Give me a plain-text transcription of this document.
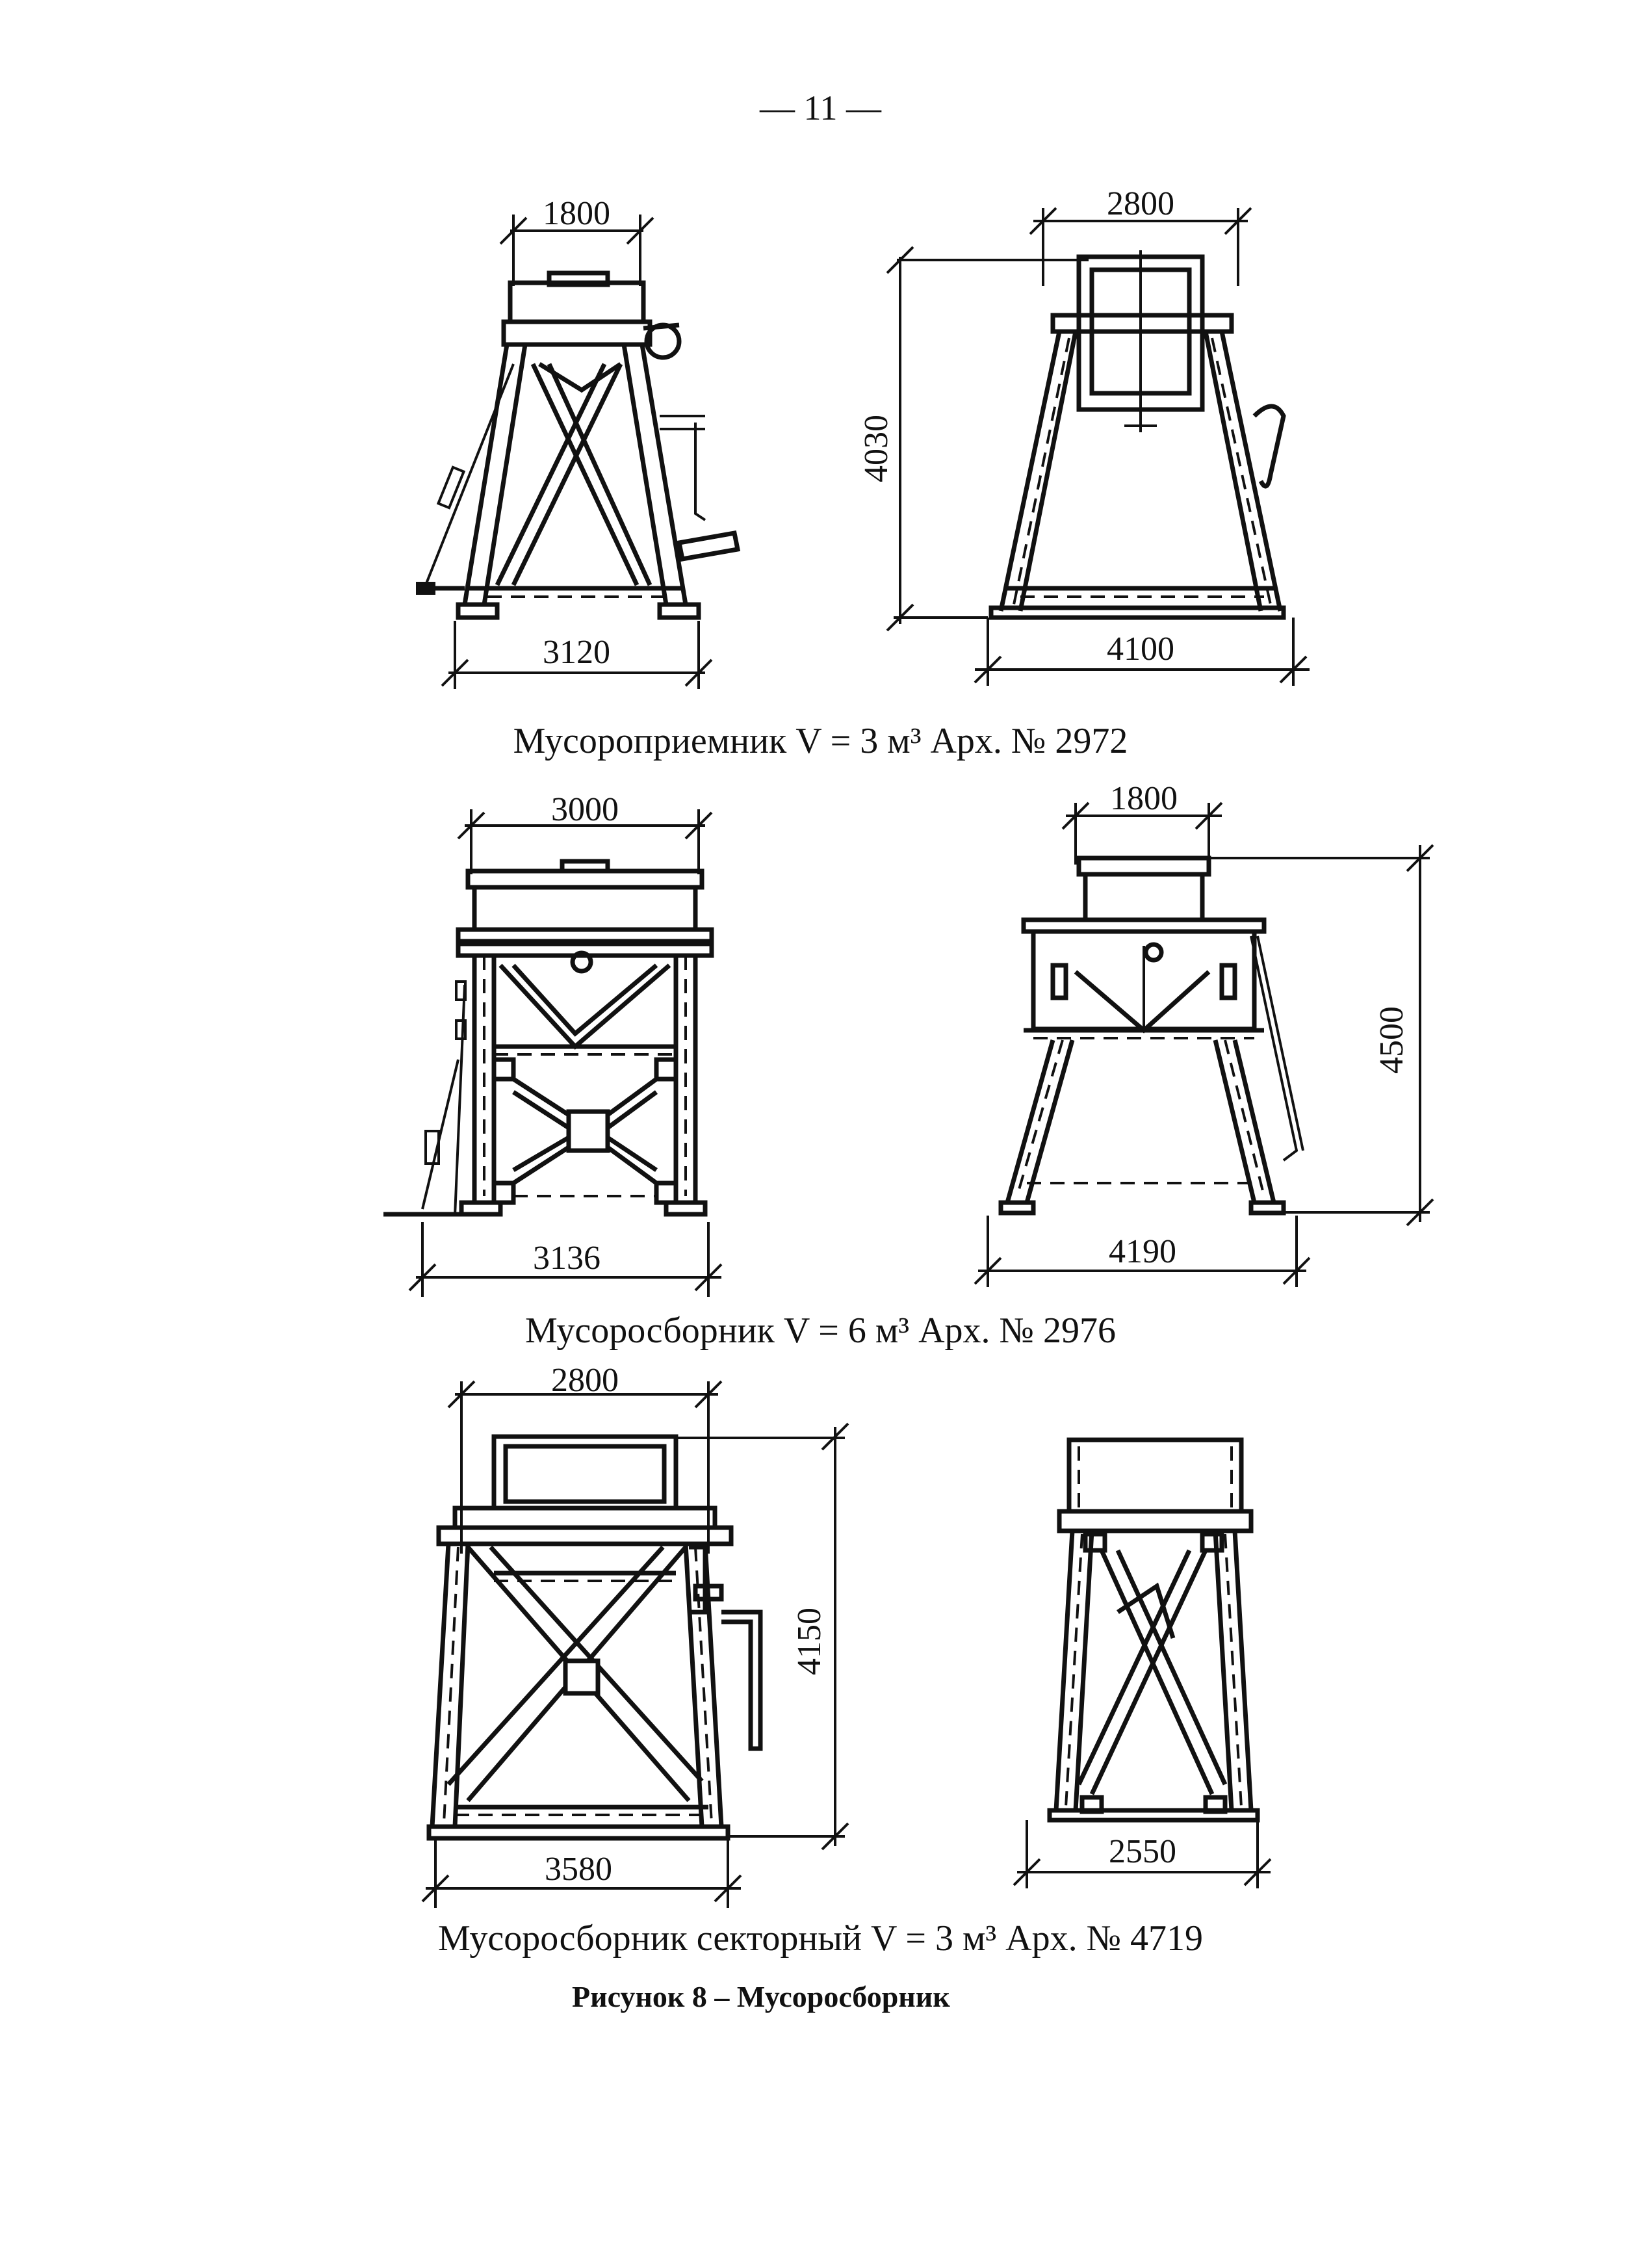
— 11 —
1800
3120
2800
4030
4100
3000
3136
1800
4500
4190
2800
4150
3580	2550
Мусороприемник V = 3 м³ Арх. № 2972
Мусоросборник V = 6 м³ Арх. № 2976
Мусоросборник секторный V = 3 м³ Арх. № 4719
Рисунок 8 – Мусоросборник
